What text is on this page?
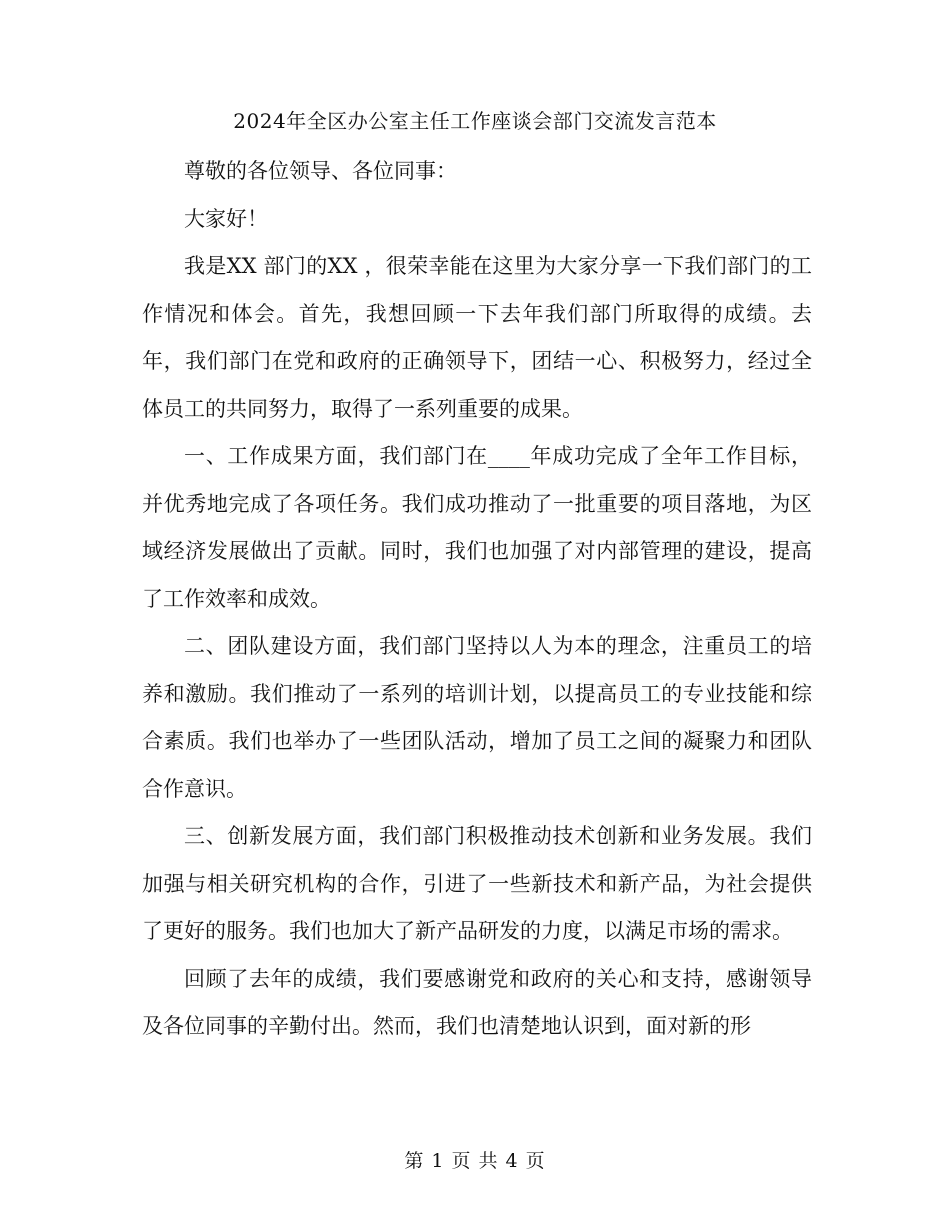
2024年全区办公室主任工作座谈会部门交流发言范本

尊敬的各位领导、各位同事：

大家好！

我是XX 部门的XX ，很荣幸能在这里为大家分享一下我们部门的工作情况和体会。首先，我想回顾一下去年我们部门所取得的成绩。去年，我们部门在党和政府的正确领导下，团结一心、积极努力，经过全体员工的共同努力，取得了一系列重要的成果。

一、工作成果方面，我们部门在____年成功完成了全年工作目标，并优秀地完成了各项任务。我们成功推动了一批重要的项目落地，为区域经济发展做出了贡献。同时，我们也加强了对内部管理的建设，提高了工作效率和成效。

二、团队建设方面，我们部门坚持以人为本的理念，注重员工的培养和激励。我们推动了一系列的培训计划，以提高员工的专业技能和综合素质。我们也举办了一些团队活动，增加了员工之间的凝聚力和团队合作意识。

三、创新发展方面，我们部门积极推动技术创新和业务发展。我们加强与相关研究机构的合作，引进了一些新技术和新产品，为社会提供了更好的服务。我们也加大了新产品研发的力度，以满足市场的需求。

回顾了去年的成绩，我们要感谢党和政府的关心和支持，感谢领导及各位同事的辛勤付出。然而，我们也清楚地认识到，面对新的形

第 1 页 共 4 页
